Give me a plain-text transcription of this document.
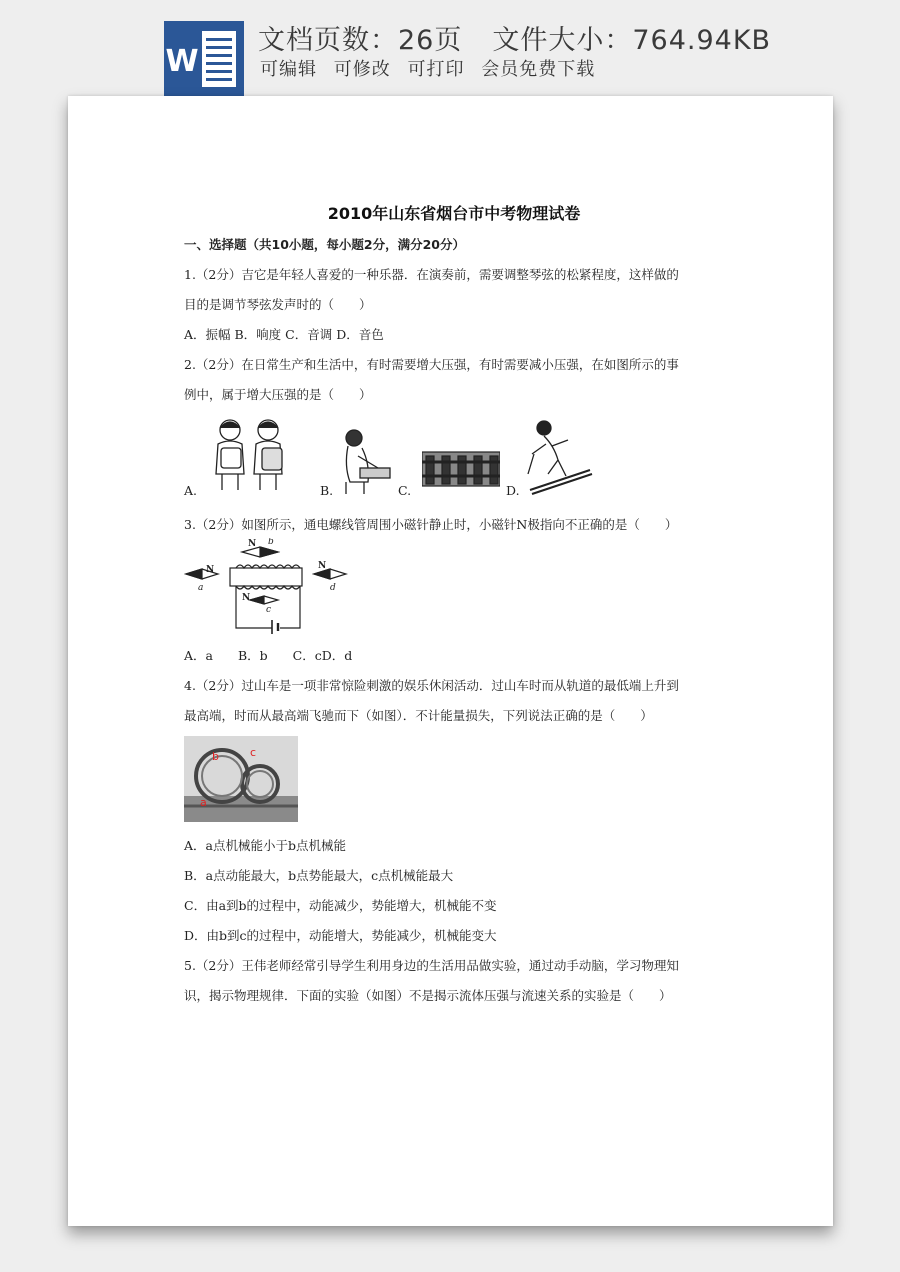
W
文档页数：26页 文件大小：764.94KB
可编辑 可修改 可打印 会员免费下载
2010年山东省烟台市中考物理试卷
一、选择题（共10小题，每小题2分，满分20分）
1.（2分）吉它是年轻人喜爱的一种乐器．在演奏前，需要调整琴弦的松紧程度，这样做的
目的是调节琴弦发声时的（　　）
A．振幅 B．响度 C．音调 D．音色
2.（2分）在日常生产和生活中，有时需要增大压强，有时需要减小压强，在如图所示的事
例中，属于增大压强的是（　　）
A.	B.	C.	D.
3.（2分）如图所示，通电螺线管周围小磁针静止时，小磁针N极指向不正确的是（　　）
N b
N
a
N
d
N
c
A．a　　B．b　　C．cD．d
4.（2分）过山车是一项非常惊险刺激的娱乐休闲活动．过山车时而从轨道的最低端上升到
最高端，时而从最高端飞驰而下（如图）．不计能量损失，下列说法正确的是（　　）
b	c
a
A．a点机械能小于b点机械能
B．a点动能最大，b点势能最大，c点机械能最大
C．由a到b的过程中，动能减少，势能增大，机械能不变
D．由b到c的过程中，动能增大，势能减少，机械能变大
5.（2分）王伟老师经常引导学生利用身边的生活用品做实验，通过动手动脑，学习物理知
识，揭示物理规律．下面的实验（如图）不是揭示流体压强与流速关系的实验是（　　）
